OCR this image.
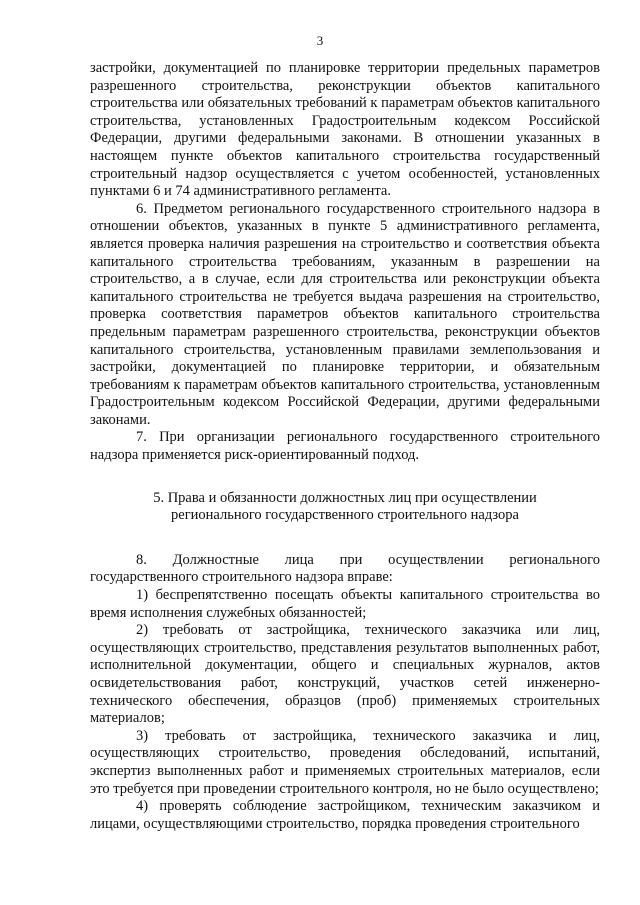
3

застройки, документацией по планировке территории предельных параметров разрешенного строительства, реконструкции объектов капитального строительства или обязательных требований к параметрам объектов капитального строительства, установленных Градостроительным кодексом Российской Федерации, другими федеральными законами. В отношении указанных в настоящем пункте объектов капитального строительства государственный строительный надзор осуществляется с учетом особенностей, установленных пунктами 6 и 74 административного регламента.

6. Предметом регионального государственного строительного надзора в отношении объектов, указанных в пункте 5 административного регламента, является проверка наличия разрешения на строительство и соответствия объекта капитального строительства требованиям, указанным в разрешении на строительство, а в случае, если для строительства или реконструкции объекта капитального строительства не требуется выдача разрешения на строительство, проверка соответствия параметров объектов капитального строительства предельным параметрам разрешенного строительства, реконструкции объектов капитального строительства, установленным правилами землепользования и застройки, документацией по планировке территории, и обязательным требованиям к параметрам объектов капитального строительства, установленным Градостроительным кодексом Российской Федерации, другими федеральными законами.

7. При организации регионального государственного строительного надзора применяется риск-ориентированный подход.

5. Права и обязанности должностных лиц при осуществлении
регионального государственного строительного надзора

8. Должностные лица при осуществлении регионального государственного строительного надзора вправе:

1) беспрепятственно посещать объекты капитального строительства во время исполнения служебных обязанностей;

2) требовать от застройщика, технического заказчика или лиц, осуществляющих строительство, представления результатов выполненных работ, исполнительной документации, общего и специальных журналов, актов освидетельствования работ, конструкций, участков сетей инженерно-технического обеспечения, образцов (проб) применяемых строительных материалов;

3) требовать от застройщика, технического заказчика и лиц, осуществляющих строительство, проведения обследований, испытаний, экспертиз выполненных работ и применяемых строительных материалов, если это требуется при проведении строительного контроля, но не было осуществлено;

4) проверять соблюдение застройщиком, техническим заказчиком и лицами, осуществляющими строительство, порядка проведения строительного
